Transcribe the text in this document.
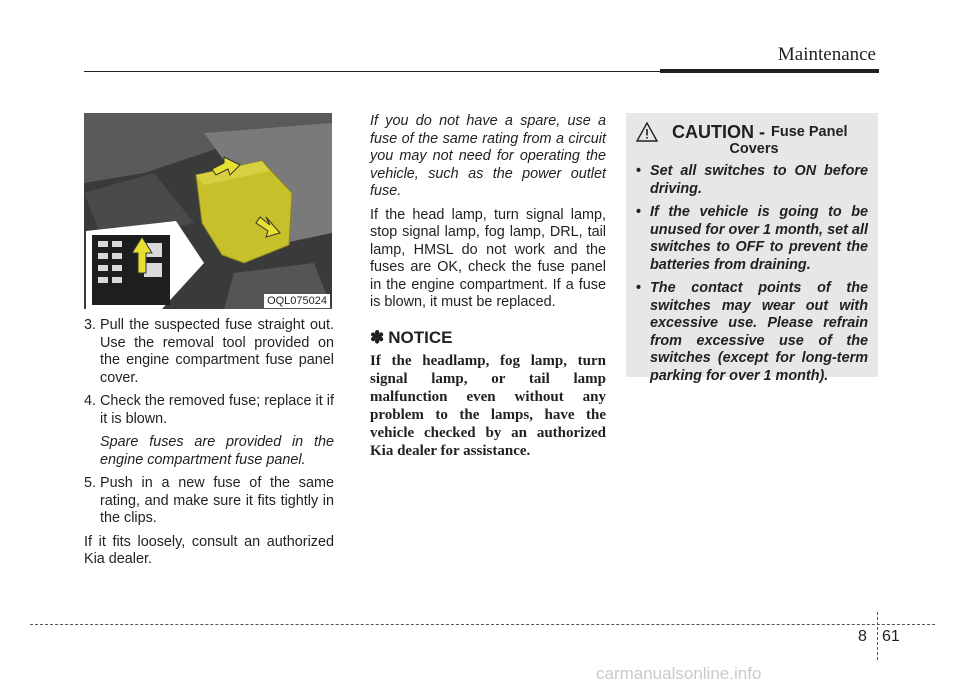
Maintenance
OQL075024

3. Pull the suspected fuse straight out. Use the removal tool provided on the engine compartment fuse panel cover.

4. Check the removed fuse; replace it if it is blown.

Spare fuses are provided in the engine compartment fuse panel.

5. Push in a new fuse of the same rating, and make sure it fits tightly in the clips.

If it fits loosely, consult an authorized Kia dealer.

If you do not have a spare, use a fuse of the same rating from a circuit you may not need for operating the vehicle, such as the power outlet fuse.

If the head lamp, turn signal lamp, stop signal lamp, fog lamp, DRL, tail lamp, HMSL do not work and the fuses are OK, check the fuse panel in the engine compartment. If a fuse is blown, it must be replaced.

✽ NOTICE

If the headlamp, fog lamp, turn signal lamp, or tail lamp malfunction even without any problem to the lamps, have the vehicle checked by an authorized Kia dealer for assistance.

CAUTION - Fuse Panel
Covers
• Set all switches to ON before driving.
• If the vehicle is going to be unused for over 1 month, set all switches to OFF to prevent the batteries from draining.
• The contact points of the switches may wear out with excessive use. Please refrain from excessive use of the switches (except for long-term parking for over 1 month).
8 61
carmanualsonline.info
